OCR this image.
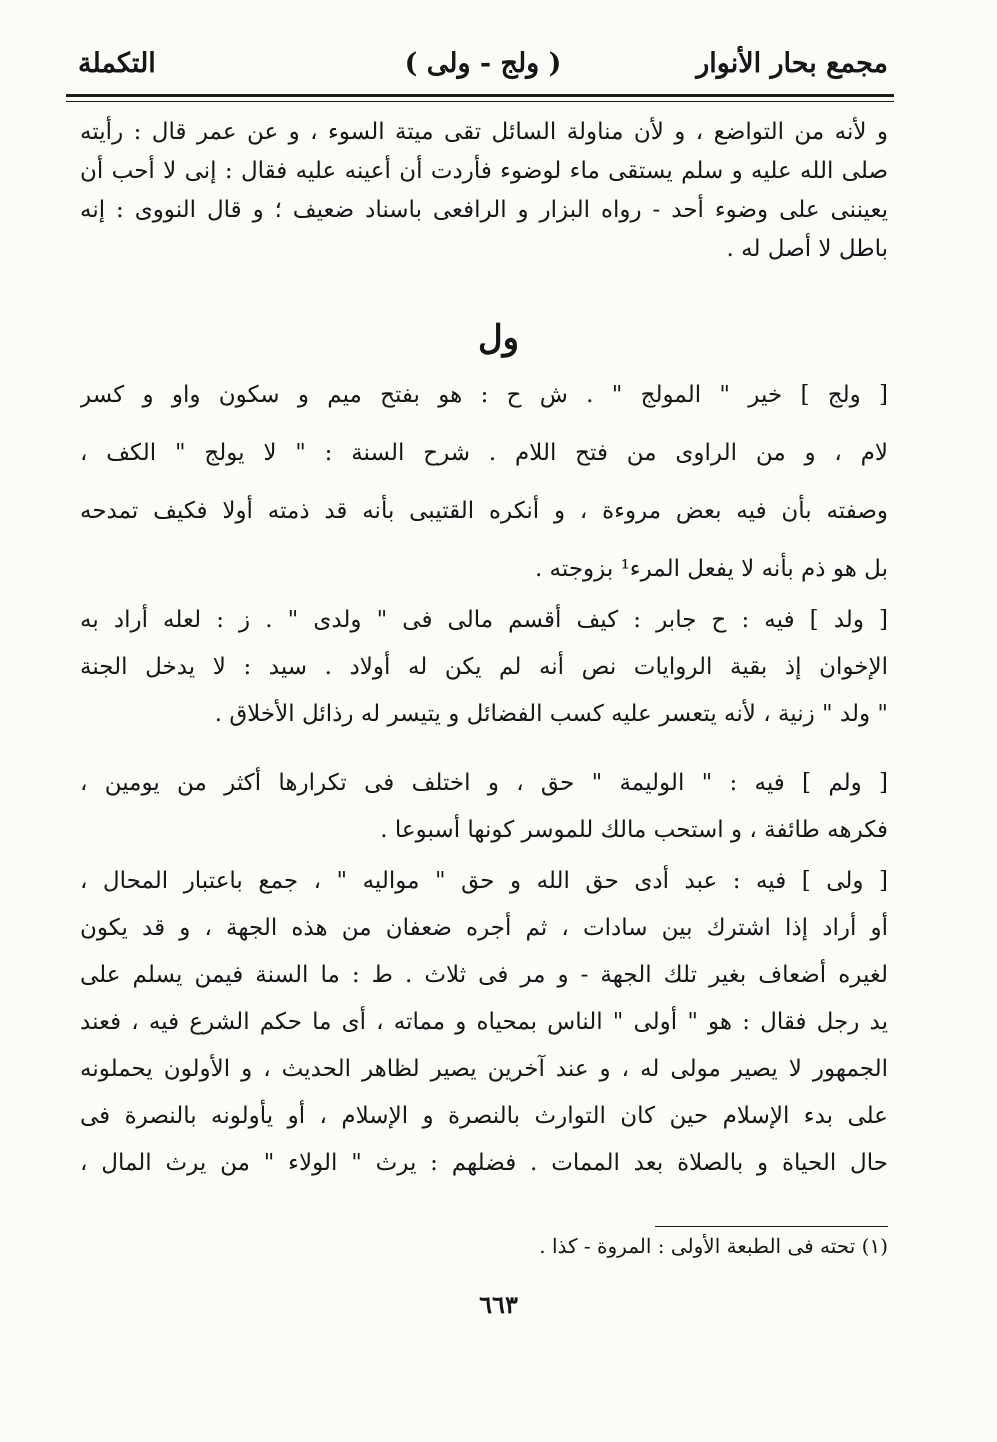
مجمع بحار الأنوار
( ولج - ولى )
التكملة
و لأنه من التواضع ، و لأن مناولة السائل تقى ميتة السوء ، و عن عمر قال : رأيته
صلى الله عليه و سلم يستقى ماء لوضوء فأردت أن أعينه عليه فقال : إنى لا أحب أن
يعيننى على وضوء أحد - رواه البزار و الرافعى باسناد ضعيف ؛ و قال النووى : إنه
باطل لا أصل له .
ول
[ ولج ] خير " المولج " . ش ح : هو بفتح ميم و سكون واو و كسر
لام ، و من الراوى من فتح اللام . شرح السنة : " لا يولج " الكف ،
وصفته بأن فيه بعض مروءة ، و أنكره القتيبى بأنه قد ذمته أولا فكيف تمدحه
بل هو ذم بأنه لا يفعل المرء¹ بزوجته .
[ ولد ] فيه : ح جابر : كيف أقسم مالى فى " ولدى " . ز : لعله أراد به
الإخوان إذ بقية الروايات نص أنه لم يكن له أولاد . سيد : لا يدخل الجنة
" ولد " زنية ، لأنه يتعسر عليه كسب الفضائل و يتيسر له رذائل الأخلاق .
[ ولم ] فيه : " الوليمة " حق ، و اختلف فى تكرارها أكثر من يومين ،
فكرهه طائفة ، و استحب مالك للموسر كونها أسبوعا .
[ ولى ] فيه : عبد أدى حق الله و حق " مواليه " ، جمع باعتبار المحال ،
أو أراد إذا اشترك بين سادات ، ثم أجره ضعفان من هذه الجهة ، و قد يكون
لغيره أضعاف بغير تلك الجهة - و مر فى ثلاث . ط : ما السنة فيمن يسلم على
يد رجل فقال : هو " أولى " الناس بمحياه و مماته ، أى ما حكم الشرع فيه ، فعند
الجمهور لا يصير مولى له ، و عند آخرين يصير لظاهر الحديث ، و الأولون يحملونه
على بدء الإسلام حين كان التوارث بالنصرة و الإسلام ، أو يأولونه بالنصرة فى
حال الحياة و بالصلاة بعد الممات . فضلهم : يرث " الولاء " من يرث المال ،
(١) تحته فى الطبعة الأولى : المروة - كذا .
٦٦٣
